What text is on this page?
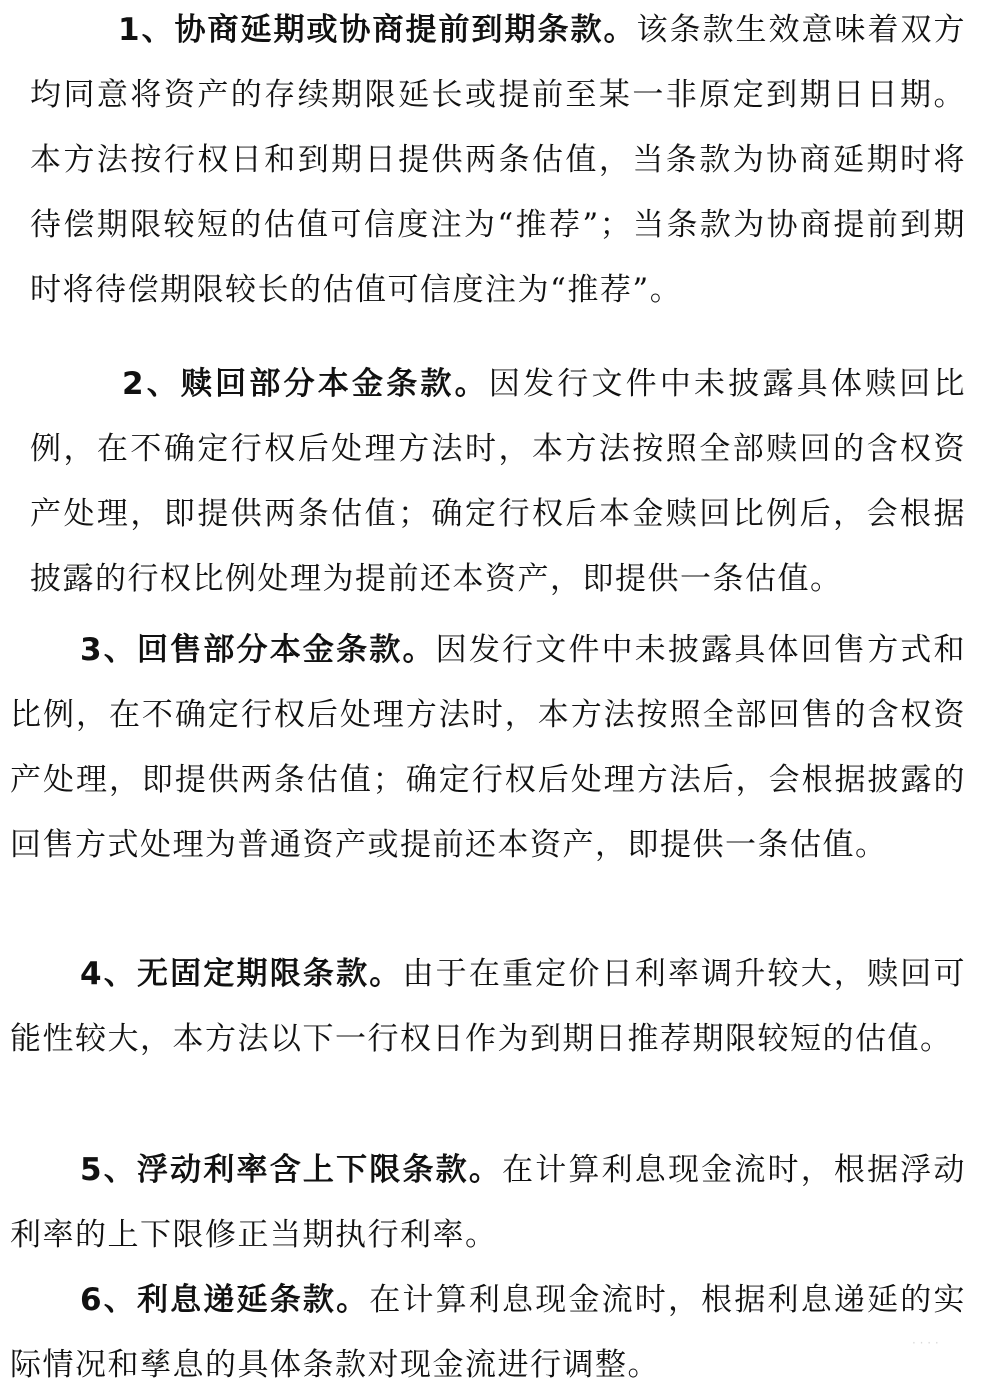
1、协商延期或协商提前到期条款。该条款生效意味着双方均同意将资产的存续期限延长或提前至某一非原定到期日日期。本方法按行权日和到期日提供两条估值，当条款为协商延期时将待偿期限较短的估值可信度注为“推荐”；当条款为协商提前到期时将待偿期限较长的估值可信度注为“推荐”。

2、赎回部分本金条款。因发行文件中未披露具体赎回比例，在不确定行权后处理方法时，本方法按照全部赎回的含权资产处理，即提供两条估值；确定行权后本金赎回比例后，会根据披露的行权比例处理为提前还本资产，即提供一条估值。

3、回售部分本金条款。因发行文件中未披露具体回售方式和比例，在不确定行权后处理方法时，本方法按照全部回售的含权资产处理，即提供两条估值；确定行权后处理方法后，会根据披露的回售方式处理为普通资产或提前还本资产，即提供一条估值。

4、无固定期限条款。由于在重定价日利率调升较大，赎回可能性较大，本方法以下一行权日作为到期日推荐期限较短的估值。

5、浮动利率含上下限条款。在计算利息现金流时，根据浮动利率的上下限修正当期执行利率。

6、利息递延条款。在计算利息现金流时，根据利息递延的实际情况和孳息的具体条款对现金流进行调整。

· · · ·
